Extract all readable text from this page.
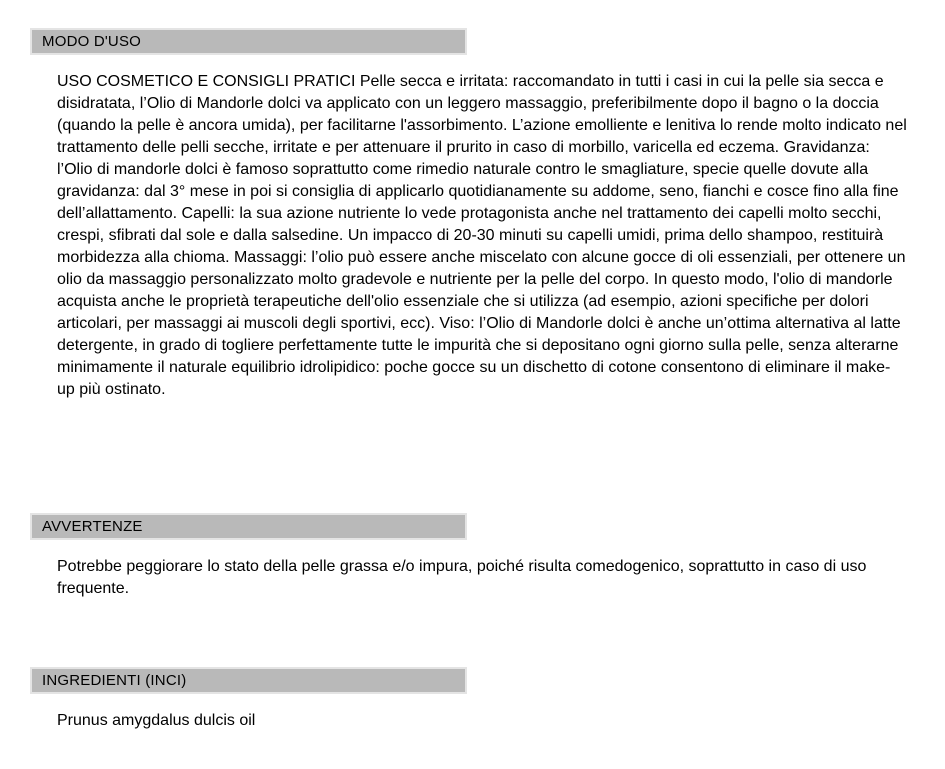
MODO D'USO
USO COSMETICO E CONSIGLI PRATICI Pelle secca e irritata: raccomandato in tutti i casi in cui la pelle sia secca e disidratata, l’Olio di Mandorle dolci va applicato con un leggero massaggio, preferibilmente dopo il bagno o la doccia (quando la pelle è ancora umida), per facilitarne l'assorbimento. L’azione emolliente e lenitiva lo rende molto indicato nel trattamento delle pelli secche, irritate e per attenuare il prurito in caso di morbillo, varicella ed eczema. Gravidanza: l’Olio di mandorle dolci è famoso soprattutto come rimedio naturale contro le smagliature, specie quelle dovute alla gravidanza: dal 3° mese in poi si consiglia di applicarlo quotidianamente su addome, seno, fianchi e cosce fino alla fine dell’allattamento. Capelli: la sua azione nutriente lo vede protagonista anche nel trattamento dei capelli molto secchi, crespi, sfibrati dal sole e dalla salsedine. Un impacco di 20-30 minuti su capelli umidi, prima dello shampoo, restituirà morbidezza alla chioma. Massaggi: l’olio può essere anche miscelato con alcune gocce di oli essenziali, per ottenere un olio da massaggio personalizzato molto gradevole e nutriente per la pelle del corpo. In questo modo, l'olio di mandorle acquista anche le proprietà terapeutiche dell'olio essenziale che si utilizza (ad esempio, azioni specifiche per dolori articolari, per massaggi ai muscoli degli sportivi, ecc). Viso: l’Olio di Mandorle dolci è anche un’ottima alternativa al latte detergente, in grado di togliere perfettamente tutte le impurità che si depositano ogni giorno sulla pelle, senza alterarne minimamente il naturale equilibrio idrolipidico: poche gocce su un dischetto di cotone consentono di eliminare il make-up più ostinato.
AVVERTENZE
Potrebbe peggiorare lo stato della pelle grassa e/o impura, poiché risulta comedogenico, soprattutto in caso di uso frequente.
INGREDIENTI (INCI)
Prunus amygdalus dulcis oil
